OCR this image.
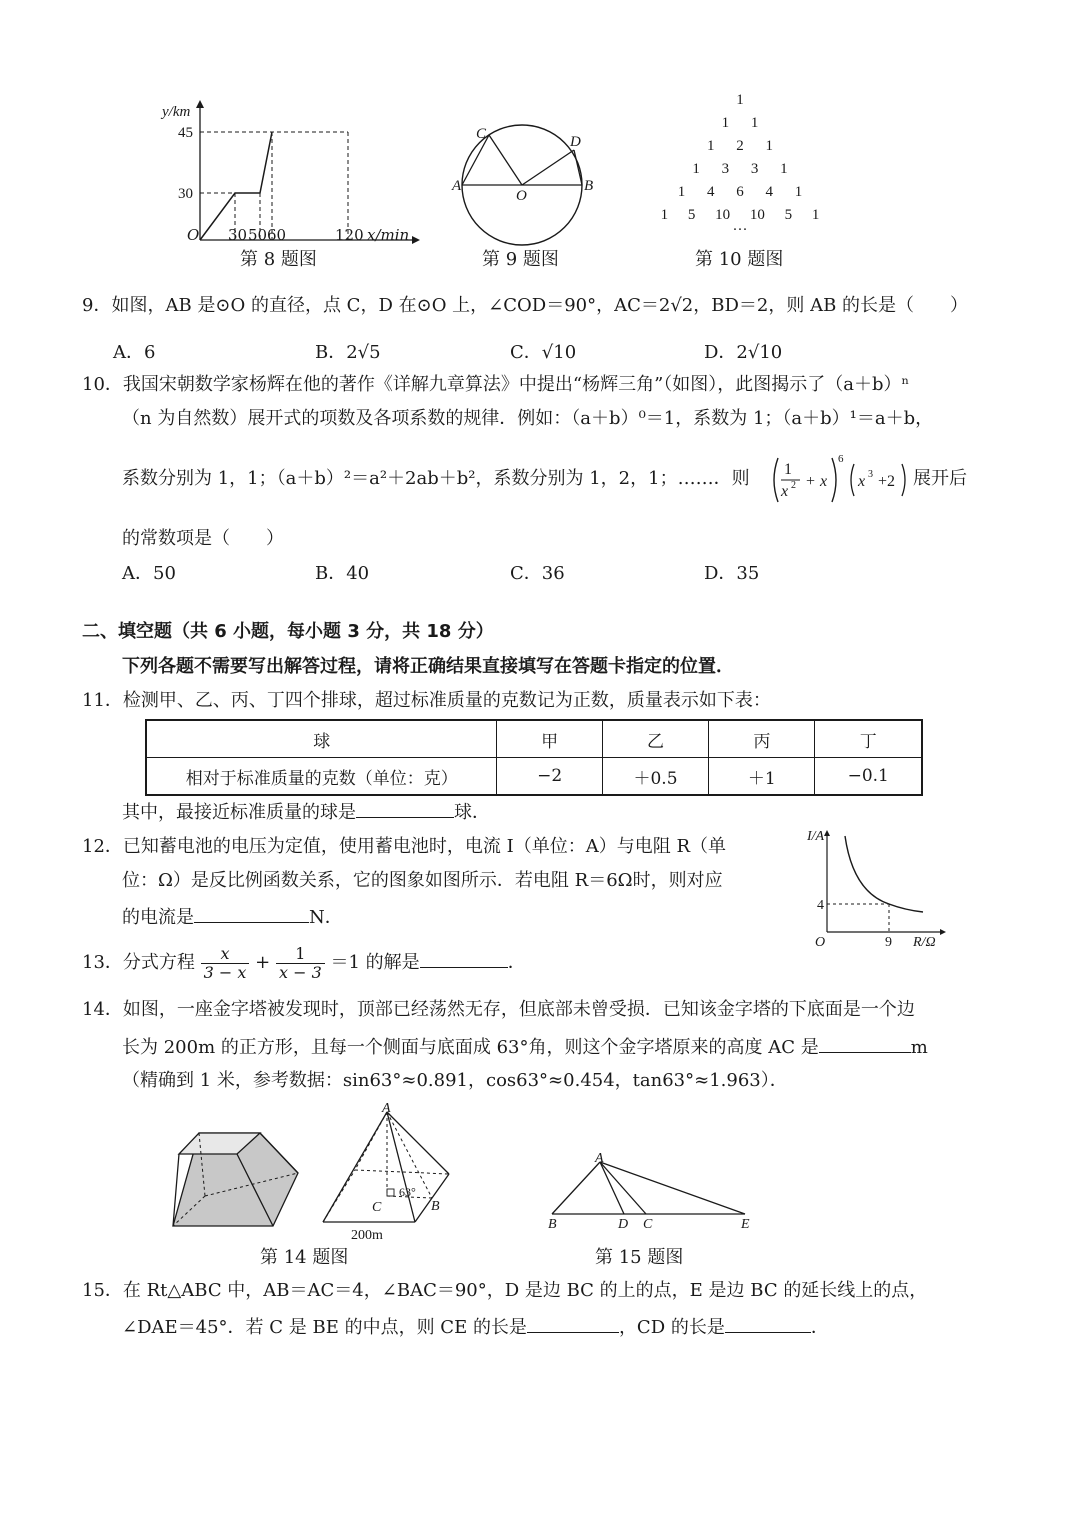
y/km
45
30
O	50 60	120 x/min
第 8 题图
A	B
C	D
O
第 9 题图
1
1 1
1 2 1
1 3 3 1
1 4 6 4 1
1 5 10 10 5 1
···
第 10 题图
9．如图，AB 是⊙O 的直径，点 C，D 在⊙O 上，∠COD＝90°，AC＝2√2，BD＝2，则 AB 的长是（　　）
A．6	B．2√5	C．√10	D．2√10
10．我国宋朝数学家杨辉在他的著作《详解九章算法》中提出“杨辉三角”（如图），此图揭示了（a＋b）ⁿ
（n 为自然数）展开式的项数及各项系数的规律．例如：（a＋b）⁰＝1，系数为 1；（a＋b）¹＝a＋b，
系数分别为 1，1；（a＋b）²＝a²＋2ab＋b²，系数分别为 1，2，1；……．则 1
x 2 + x
6
x 3 +2 展开后
的常数项是（　　）
A．50	B．40	C．36	D．35
二、填空题（共 6 小题，每小题 3 分，共 18 分）
下列各题不需要写出解答过程，请将正确结果直接填写在答题卡指定的位置．
11．检测甲、乙、丙、丁四个排球，超过标准质量的克数记为正数，质量表示如下表：
球	甲	乙	丙	丁
相对于标准质量的克数（单位：克）	−2	＋0.5	＋1	−0.1
其中，最接近标准质量的球是	球．
12．已知蓄电池的电压为定值，使用蓄电池时，电流 I（单位：A）与电阻 R（单
位：Ω）是反比例函数关系，它的图象如图所示．若电阻 R＝6Ω时，则对应
的电流是	N．
I/A
4
O	9 R/Ω
13．分式方程 $\frac{x}{3 - x} + \frac{1}{x - 3} =1$ 的解是	．
14．如图，一座金字塔被发现时，顶部已经荡然无存，但底部未曾受损．已知该金字塔的下底面是一个边
长为 200m 的正方形，且每一个侧面与底面成 63°角，则这个金字塔原来的高度 AC 是	m
（精确到 1 米，参考数据：sin63°≈0.891，cos63°≈0.454，tan63°≈1.963）．
A
C	B
63°
200m
第 14 题图
A
B	D C	E
第 15 题图
15．在 Rt△ABC 中，AB＝AC＝4，∠BAC＝90°，D 是边 BC 的上的点，E 是边 BC 的延长线上的点，
∠DAE＝45°．若 C 是 BE 的中点，则 CE 的长是	，CD 的长是	．
30
